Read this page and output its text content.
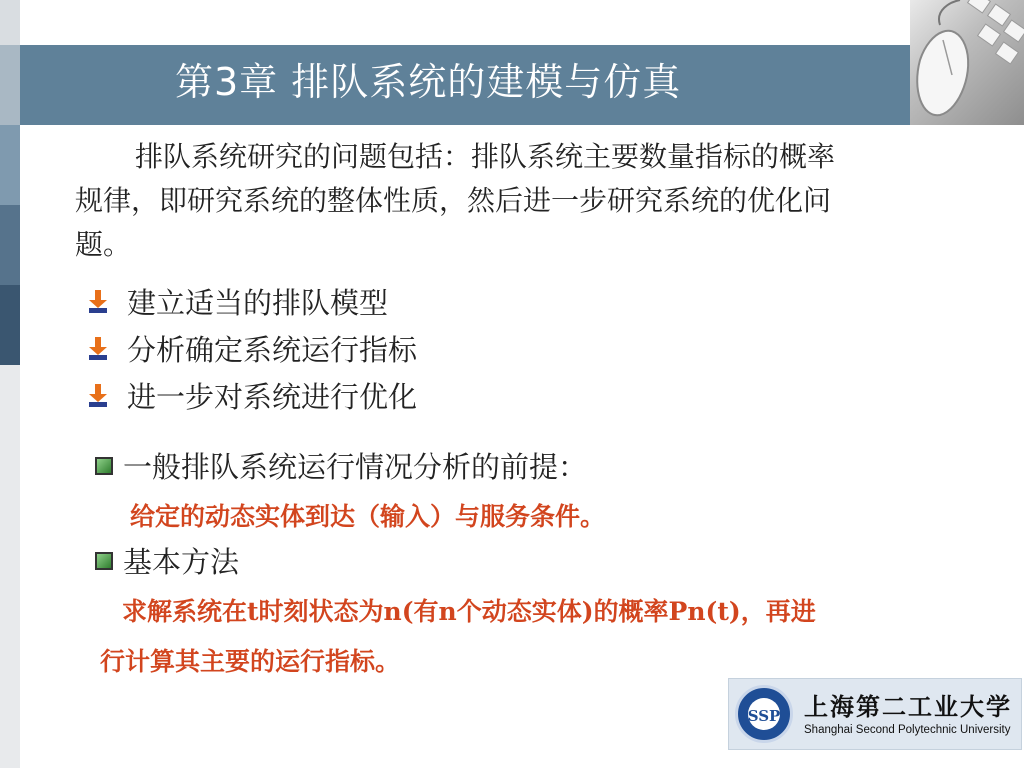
第3章 排队系统的建模与仿真
排队系统研究的问题包括：排队系统主要数量指标的概率
规律，即研究系统的整体性质，然后进一步研究系统的优化问
题。
建立适当的排队模型
分析确定系统运行指标
进一步对系统进行优化
一般排队系统运行情况分析的前提：
给定的动态实体到达（输入）与服务条件。
基本方法
求解系统在t时刻状态为n(有n个动态实体)的概率Pn(t)，再进
行计算其主要的运行指标。
SSP 上海第二工业大学
Shanghai Second Polytechnic University
